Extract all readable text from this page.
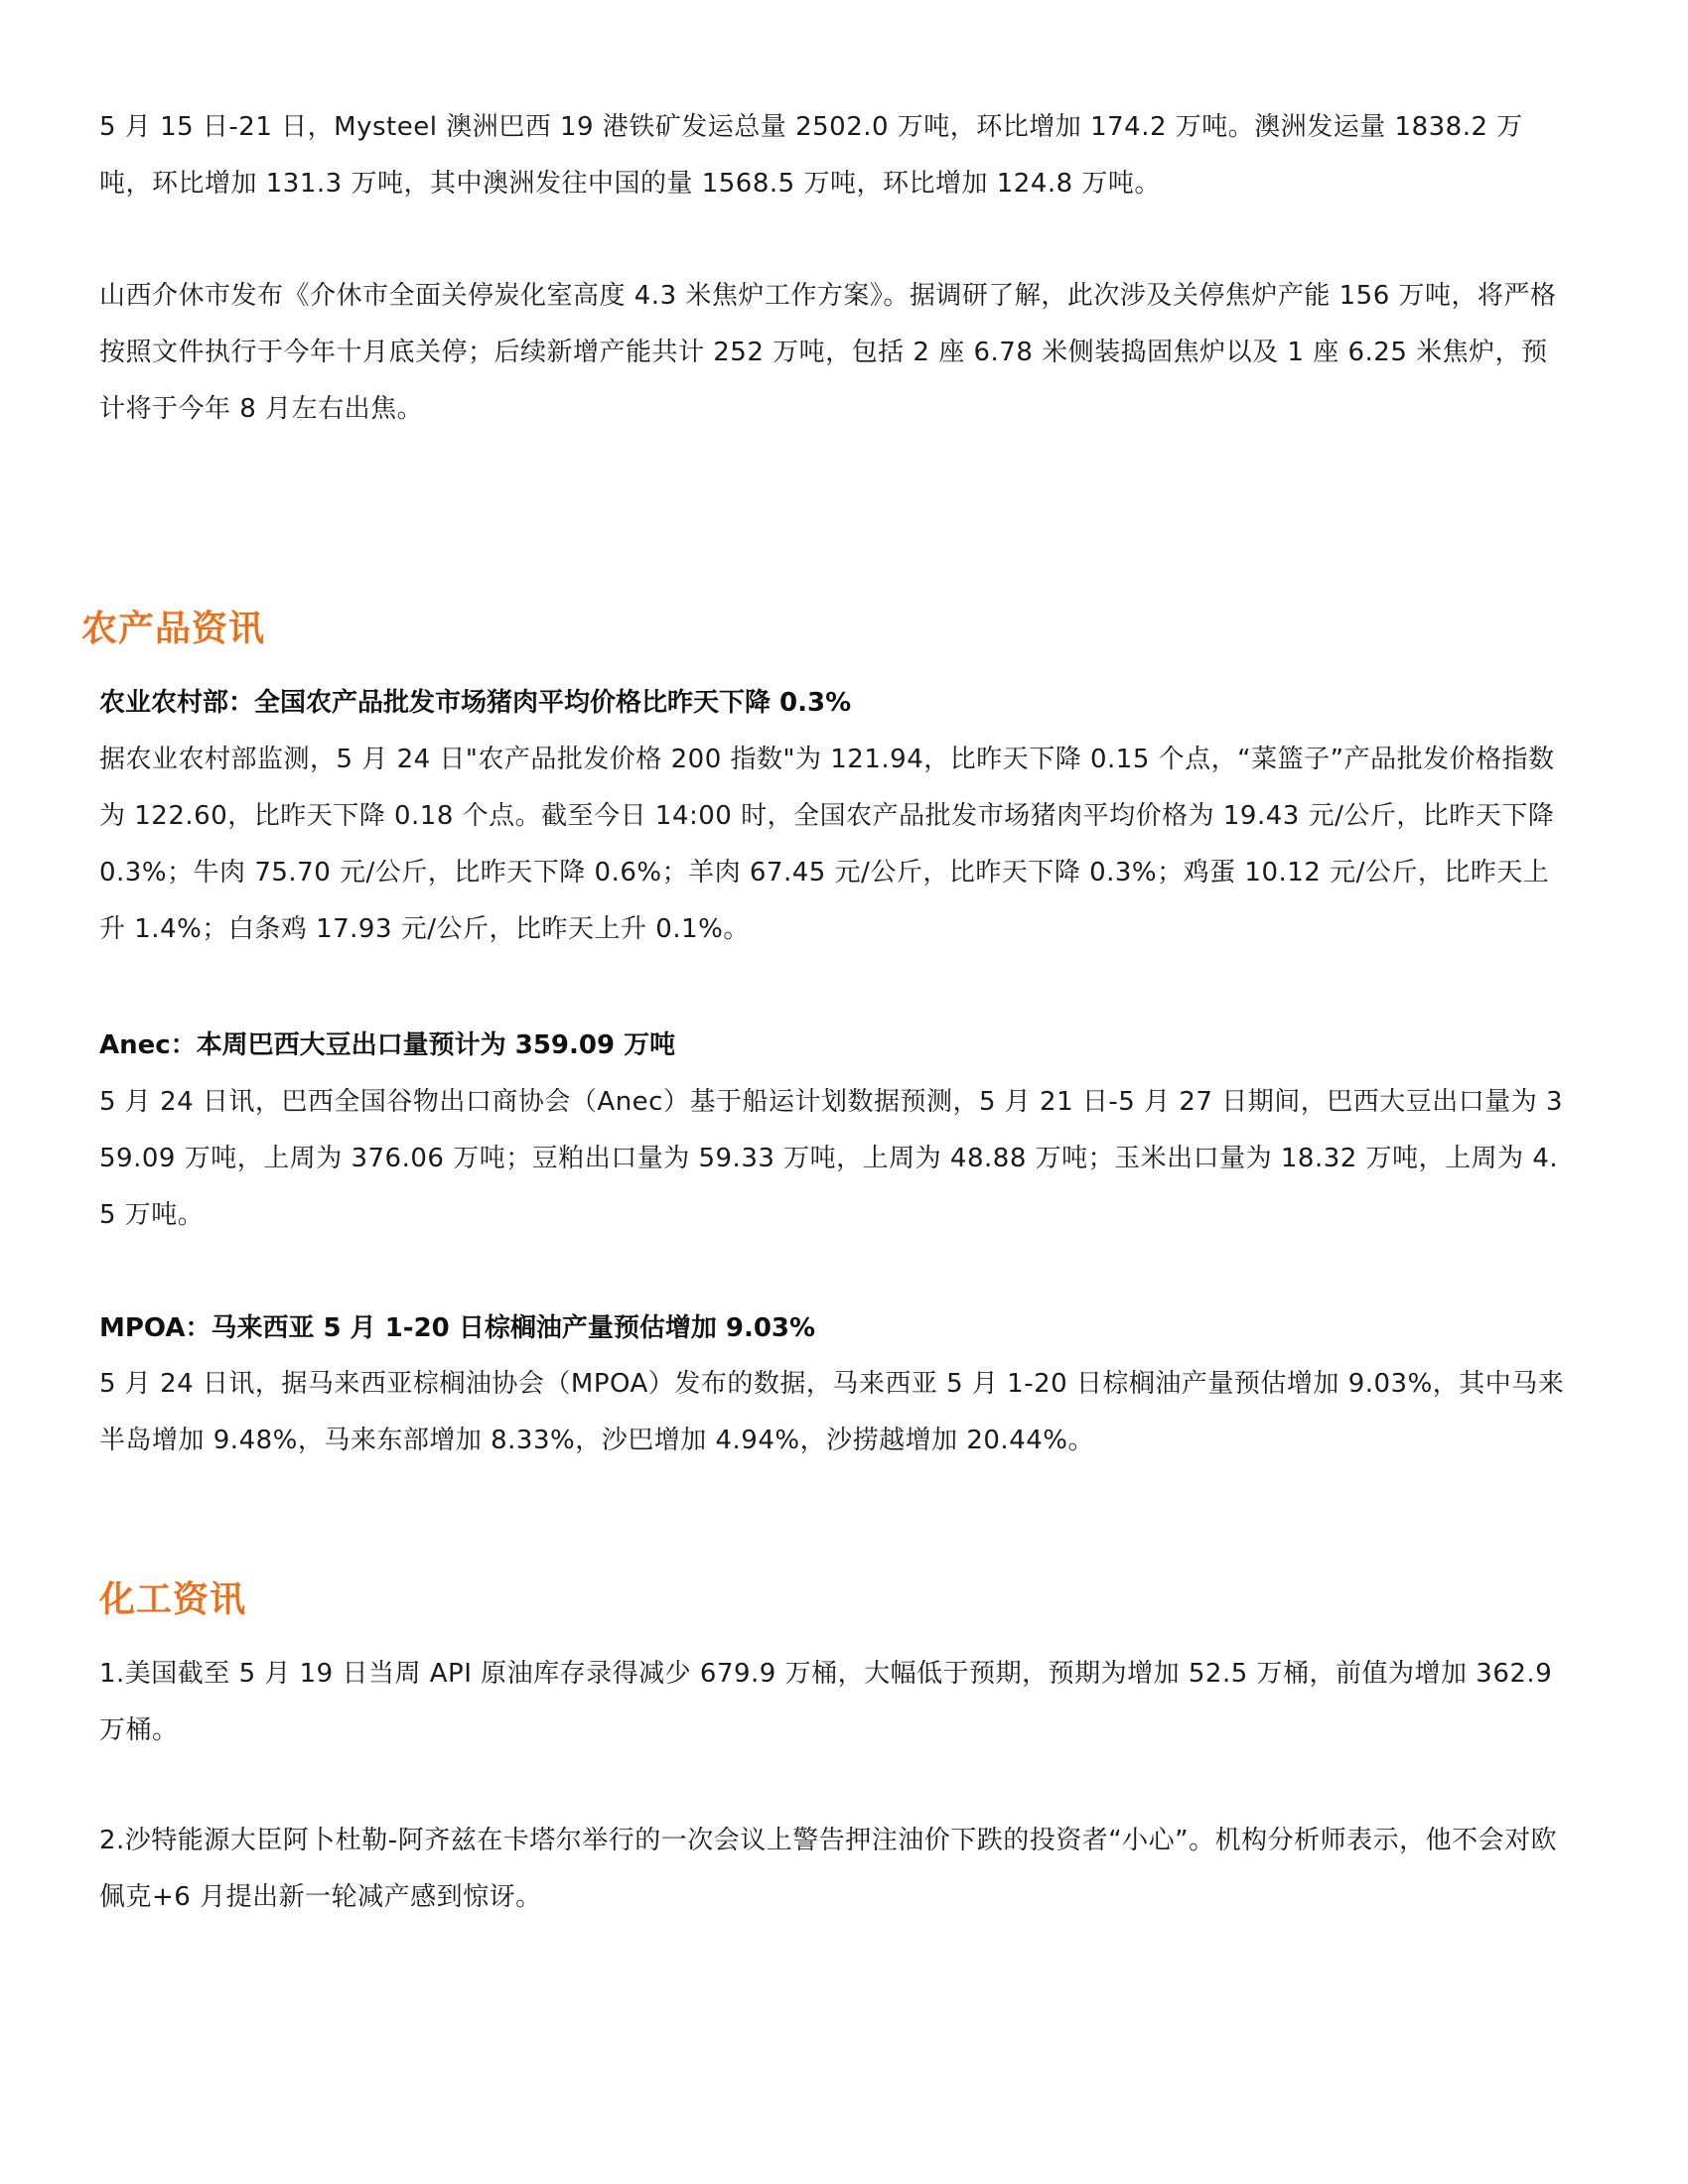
5 月 15 日-21 日，Mysteel 澳洲巴西 19 港铁矿发运总量 2502.0 万吨，环比增加 174.2 万吨。澳洲发运量 1838.2 万吨，环比增加 131.3 万吨，其中澳洲发往中国的量 1568.5 万吨，环比增加 124.8 万吨。

山西介休市发布《介休市全面关停炭化室高度 4.3 米焦炉工作方案》。据调研了解，此次涉及关停焦炉产能 156 万吨，将严格按照文件执行于今年十月底关停；后续新增产能共计 252 万吨，包括 2 座 6.78 米侧装捣固焦炉以及 1 座 6.25 米焦炉，预计将于今年 8 月左右出焦。

农产品资讯
农业农村部：全国农产品批发市场猪肉平均价格比昨天下降 0.3%

据农业农村部监测，5 月 24 日"农产品批发价格 200 指数"为 121.94，比昨天下降 0.15 个点，“菜篮子”产品批发价格指数为 122.60，比昨天下降 0.18 个点。截至今日 14:00 时，全国农产品批发市场猪肉平均价格为 19.43 元/公斤，比昨天下降 0.3%；牛肉 75.70 元/公斤，比昨天下降 0.6%；羊肉 67.45 元/公斤，比昨天下降 0.3%；鸡蛋 10.12 元/公斤，比昨天上升 1.4%；白条鸡 17.93 元/公斤，比昨天上升 0.1%。

Anec：本周巴西大豆出口量预计为 359.09 万吨

5 月 24 日讯，巴西全国谷物出口商协会（Anec）基于船运计划数据预测，5 月 21 日-5 月 27 日期间，巴西大豆出口量为 359.09 万吨，上周为 376.06 万吨；豆粕出口量为 59.33 万吨，上周为 48.88 万吨；玉米出口量为 18.32 万吨，上周为 4.5 万吨。

MPOA：马来西亚 5 月 1-20 日棕榈油产量预估增加 9.03%

5 月 24 日讯，据马来西亚棕榈油协会（MPOA）发布的数据，马来西亚 5 月 1-20 日棕榈油产量预估增加 9.03%，其中马来半岛增加 9.48%，马来东部增加 8.33%，沙巴增加 4.94%，沙捞越增加 20.44%。

化工资讯

1.美国截至 5 月 19 日当周 API 原油库存录得减少 679.9 万桶，大幅低于预期，预期为增加 52.5 万桶，前值为增加 362.9 万桶。

2.沙特能源大臣阿卜杜勒-阿齐兹在卡塔尔举行的一次会议上警告押注油价下跌的投资者“小心”。机构分析师表示，他不会对欧佩克+6 月提出新一轮减产感到惊讶。
